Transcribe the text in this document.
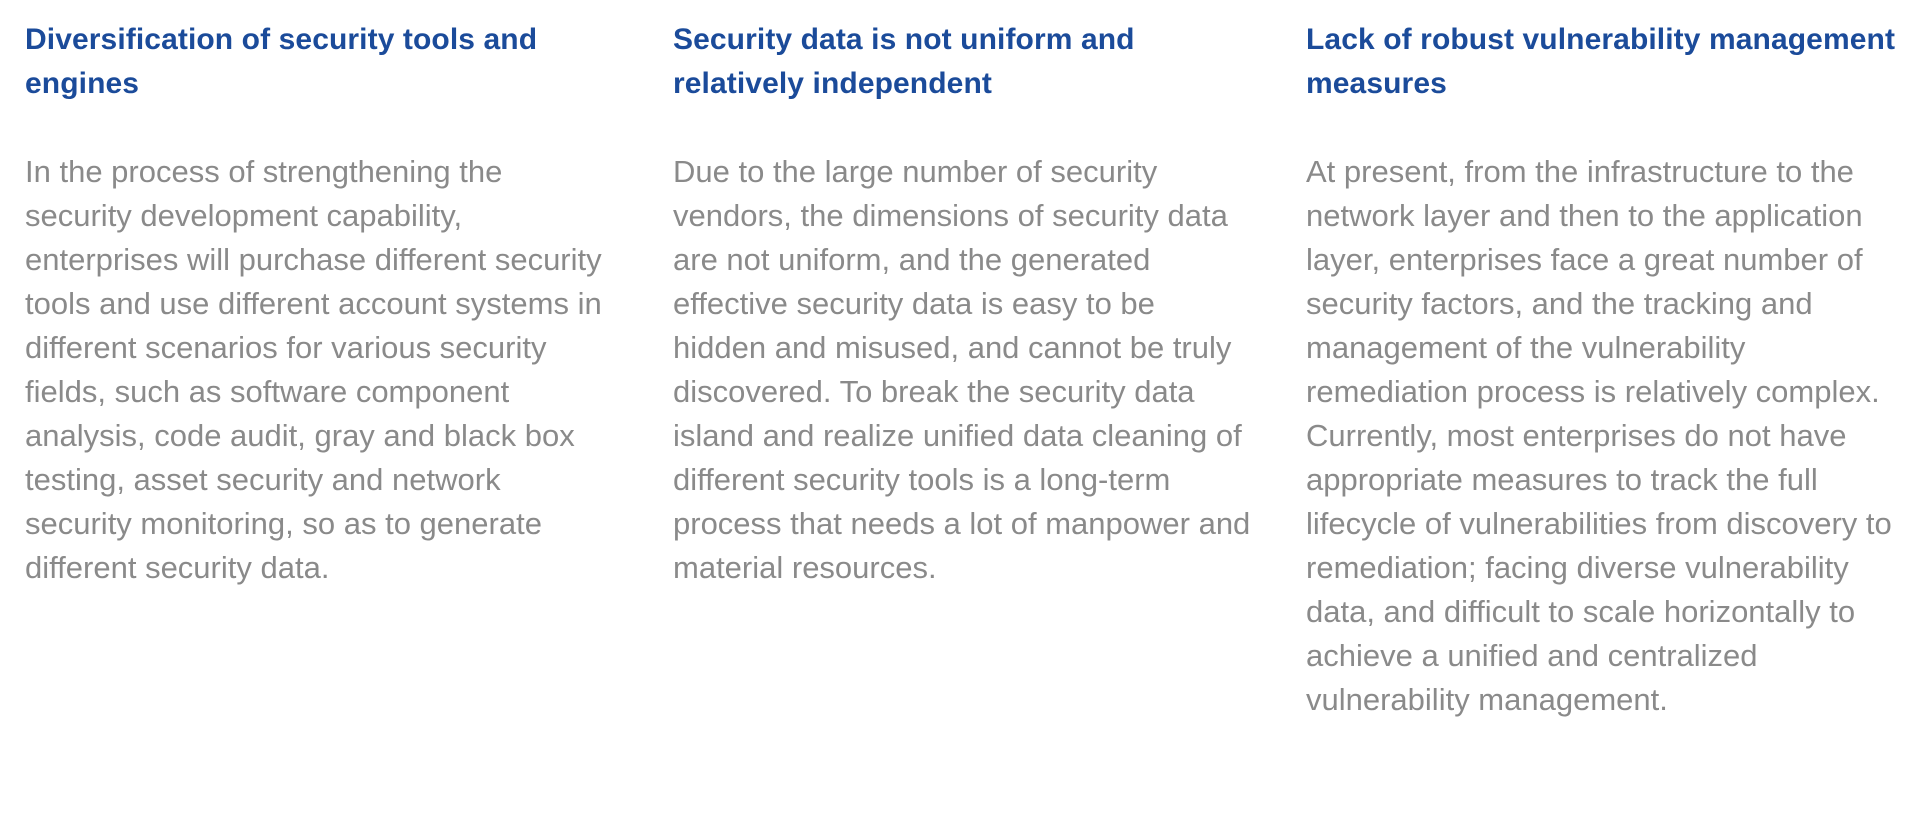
Diversification of security tools and engines

In the process of strengthening the security development capability, enterprises will purchase different security tools and use different account systems in different scenarios for various security fields, such as software component analysis, code audit, gray and black box testing, asset security and network security monitoring, so as to generate different security data.

Security data is not uniform and relatively independent

Due to the large number of security vendors, the dimensions of security data are not uniform, and the generated effective security data is easy to be hidden and misused, and cannot be truly discovered. To break the security data island and realize unified data cleaning of different security tools is a long-term process that needs a lot of manpower and material resources.

Lack of robust vulnerability management measures

At present, from the infrastructure to the network layer and then to the application layer, enterprises face a great number of security factors, and the tracking and management of the vulnerability remediation process is relatively complex. Currently, most enterprises do not have appropriate measures to track the full lifecycle of vulnerabilities from discovery to remediation; facing diverse vulnerability data, and difficult to scale horizontally to achieve a unified and centralized vulnerability management.
